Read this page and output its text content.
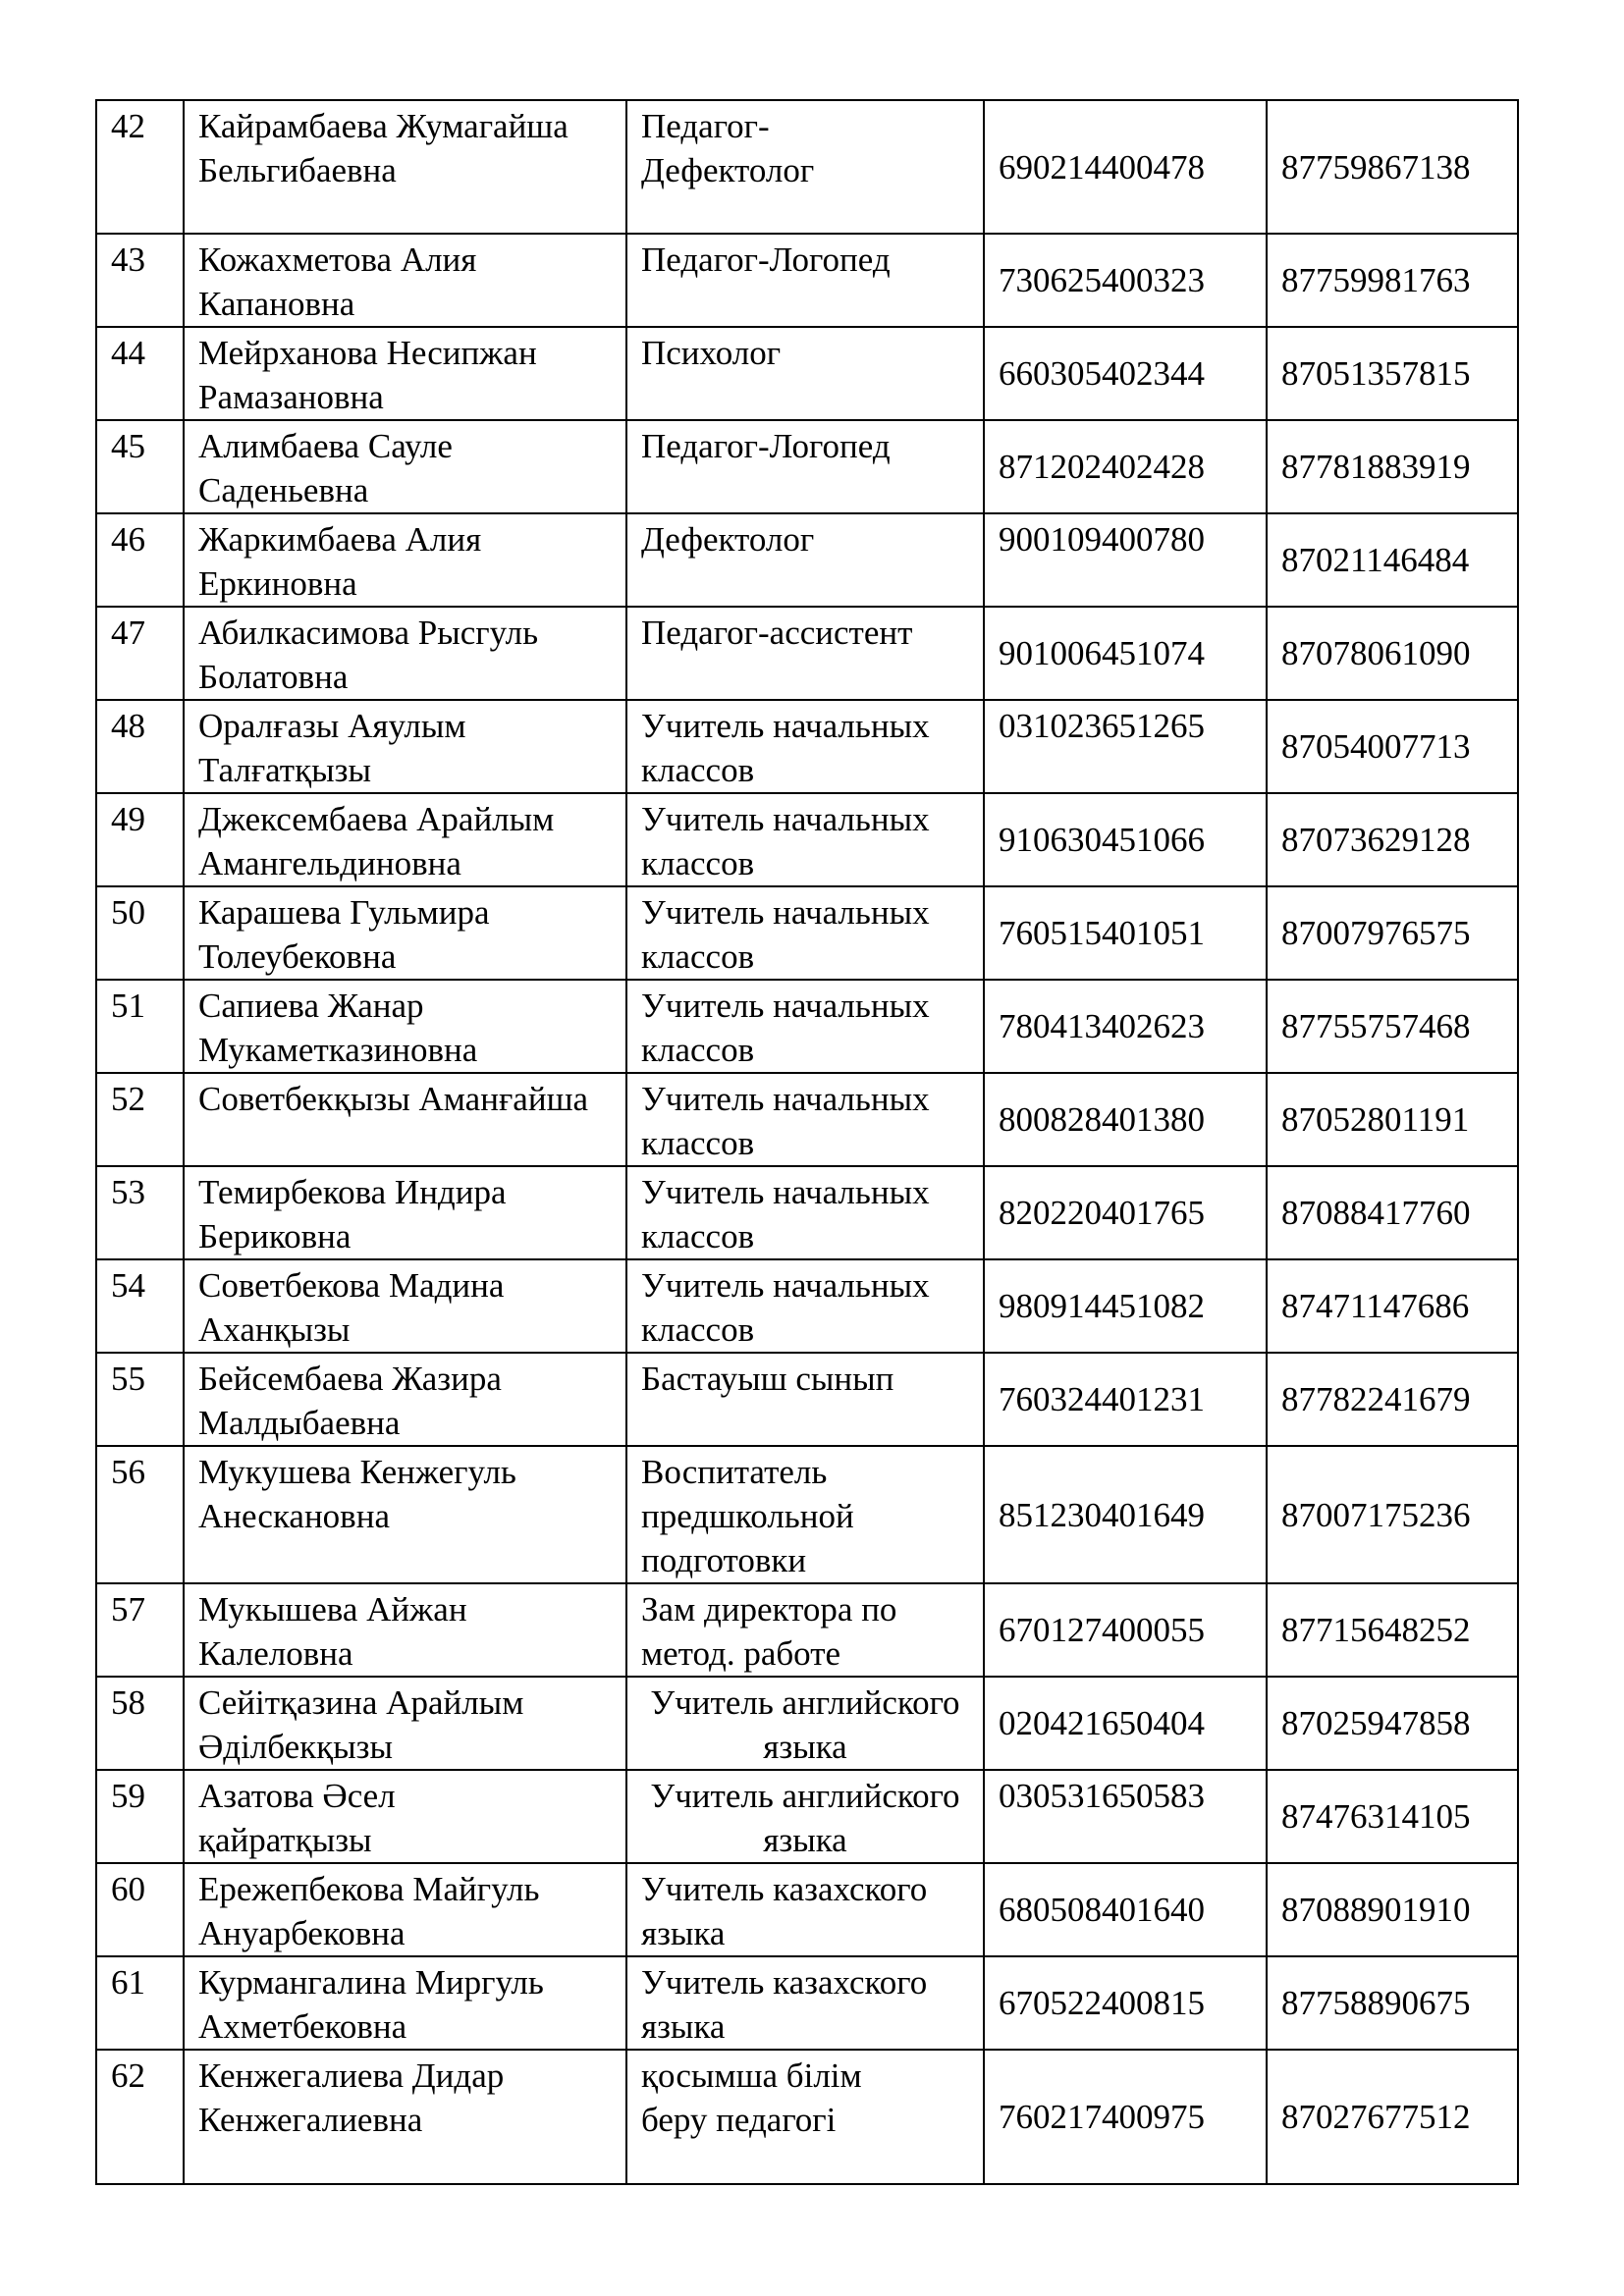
42	Кайрамбаева Жумагайша Бельгибаевна	Педагог-Дефектолог	690214400478	87759867138
43	Кожахметова Алия Капановна	Педагог-Логопед	730625400323	87759981763
44	Мейрханова Несипжан Рамазановна	Психолог	660305402344	87051357815
45	Алимбаева Сауле Саденьевна	Педагог-Логопед	871202402428	87781883919
46	Жаркимбаева Алия Еркиновна	Дефектолог	900109400780	87021146484
47	Абилкасимова Рысгуль Болатовна	Педагог-ассистент	901006451074	87078061090
48	Оралғазы Аяулым Талғатқызы	Учитель начальных классов	031023651265	87054007713
49	Джексембаева Арайлым Амангельдиновна	Учитель начальных классов	910630451066	87073629128
50	Карашева Гульмира Толеубековна	Учитель начальных классов	760515401051	87007976575
51	Сапиева Жанар Мукаметказиновна	Учитель начальных классов	780413402623	87755757468
52	Советбекқызы Аманғайша	Учитель начальных классов	800828401380	87052801191
53	Темирбекова Индира Бериковна	Учитель начальных классов	820220401765	87088417760
54	Советбекова Мадина Аханқызы	Учитель начальных классов	980914451082	87471147686
55	Бейсембаева Жазира Малдыбаевна	Бастауыш сынып	760324401231	87782241679
56	Мукушева Кенжегуль Анескановна	Воспитатель предшкольной подготовки	851230401649	87007175236
57	Мукышева Айжан Калеловна	Зам директора по метод. работе	670127400055	87715648252
58	Сейітқазина Арайлым Әділбекқызы	Учитель английского языка	020421650404	87025947858
59	Азатова Әсел қайратқызы	Учитель английского языка	030531650583	87476314105
60	Ережепбекова Майгуль Ануарбековна	Учитель казахского языка	680508401640	87088901910
61	Курмангалина Миргуль Ахметбековна	Учитель казахского языка	670522400815	87758890675
62	Кенжегалиева Дидар Кенжегалиевна	қосымша білім беру педагогі	760217400975	87027677512
